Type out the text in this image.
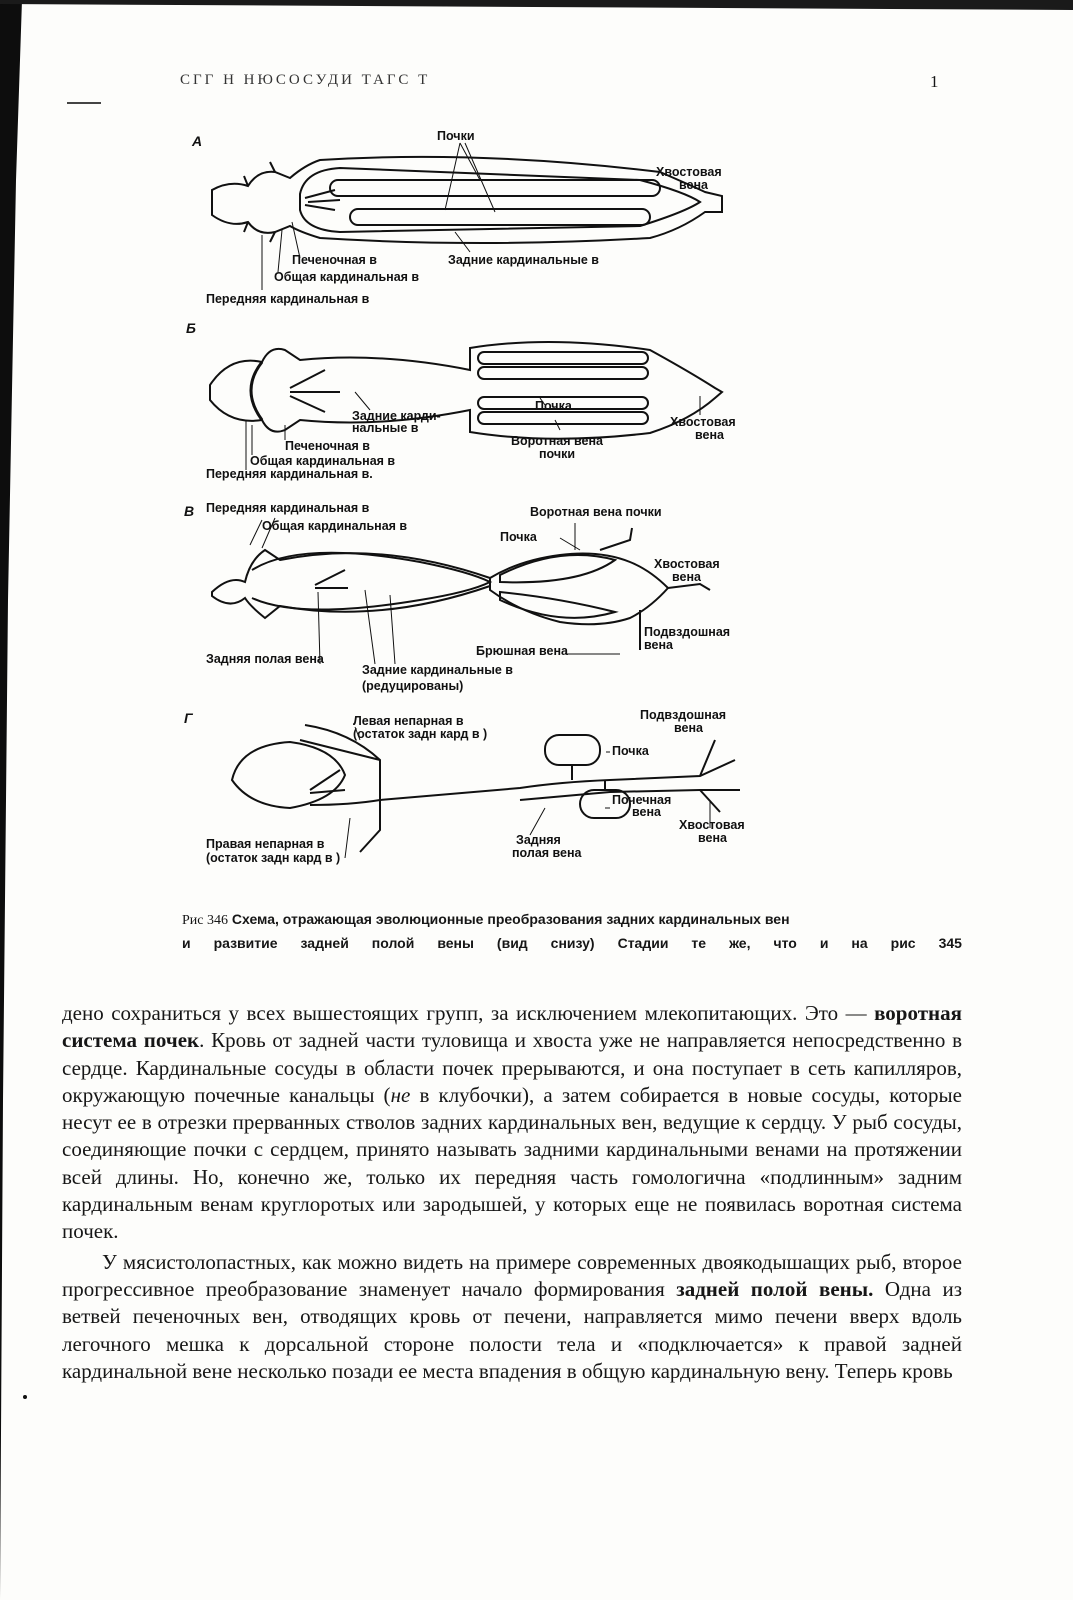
СГГ Н НЮСОСУДИ ТАГС Т	1
А
Б
В
Г
Почки
Хвостовая
вена
Печеночная в	Задние кардинальные в
Общая кардинальная в
Передняя кардинальная в
Задние карди-
нальные в
Почка
Хвостовая
вена
Печеночная в	Воротная вена
почки
Общая кардинальная в
Передняя кардинальная в.
Передняя кардинальная в
Общая кардинальная в
Воротная вена почки
Почка
Хвостовая
вена
Подвздошная
вена
Брюшная вена
Задняя полая вена
Задние кардинальные в
(редуцированы)
Левая непарная в
(остаток задн кард в )
Подвздошная
вена
Почка
Почечная
вена
Хвостовая
вена
Задняя
полая вена
Правая непарная в
(остаток задн кард в )
Рис 346 Схема, отражающая эволюционные преобразования задних кардинальных вен
и развитие задней полой вены (вид снизу) Стадии те же, что и на рис 345

дено сохраниться у всех вышестоящих групп, за исключением млекопитающих. Это — воротная система почек. Кровь от задней части туловища и хвоста уже не направляется непосредственно в сердце. Кардинальные сосуды в области почек прерываются, и она поступает в сеть капилляров, окружающую почечные канальцы (не в клубочки), а затем собирается в новые сосуды, которые несут ее в отрезки прерванных стволов задних кардинальных вен, ведущие к сердцу. У рыб сосуды, соединяющие почки с сердцем, принято называть задними кардинальными венами на протяжении всей длины. Но, конечно же, только их передняя часть гомологична «подлинным» задним кардинальным венам круглоротых или зародышей, у которых еще не появилась воротная система почек.

У мясистолопастных, как можно видеть на примере современных двоякодышащих рыб, второе прогрессивное преобразование знаменует начало формирования задней полой вены. Одна из ветвей печеночных вен, отводящих кровь от печени, направляется мимо печени вверх вдоль легочного мешка к дорсальной стороне полости тела и «подключается» к правой задней кардинальной вене несколько позади ее места впадения в общую кардинальную вену. Теперь кровь
